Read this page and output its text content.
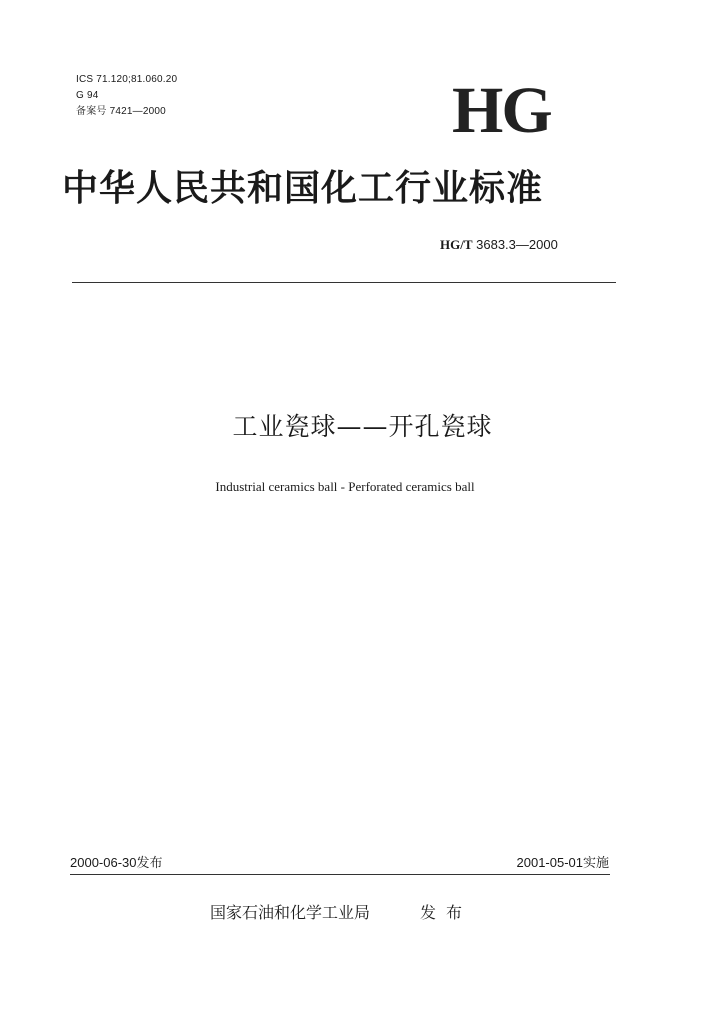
ICS 71.120;81.060.20
G 94
备案号 7421—2000	HG
中华人民共和国化工行业标准
HG/T 3683.3—2000
工业瓷球——开孔瓷球
Industrial ceramics ball - Perforated ceramics ball
2000-06-30发布	2001-05-01实施
国家石油和化学工业局	发布
